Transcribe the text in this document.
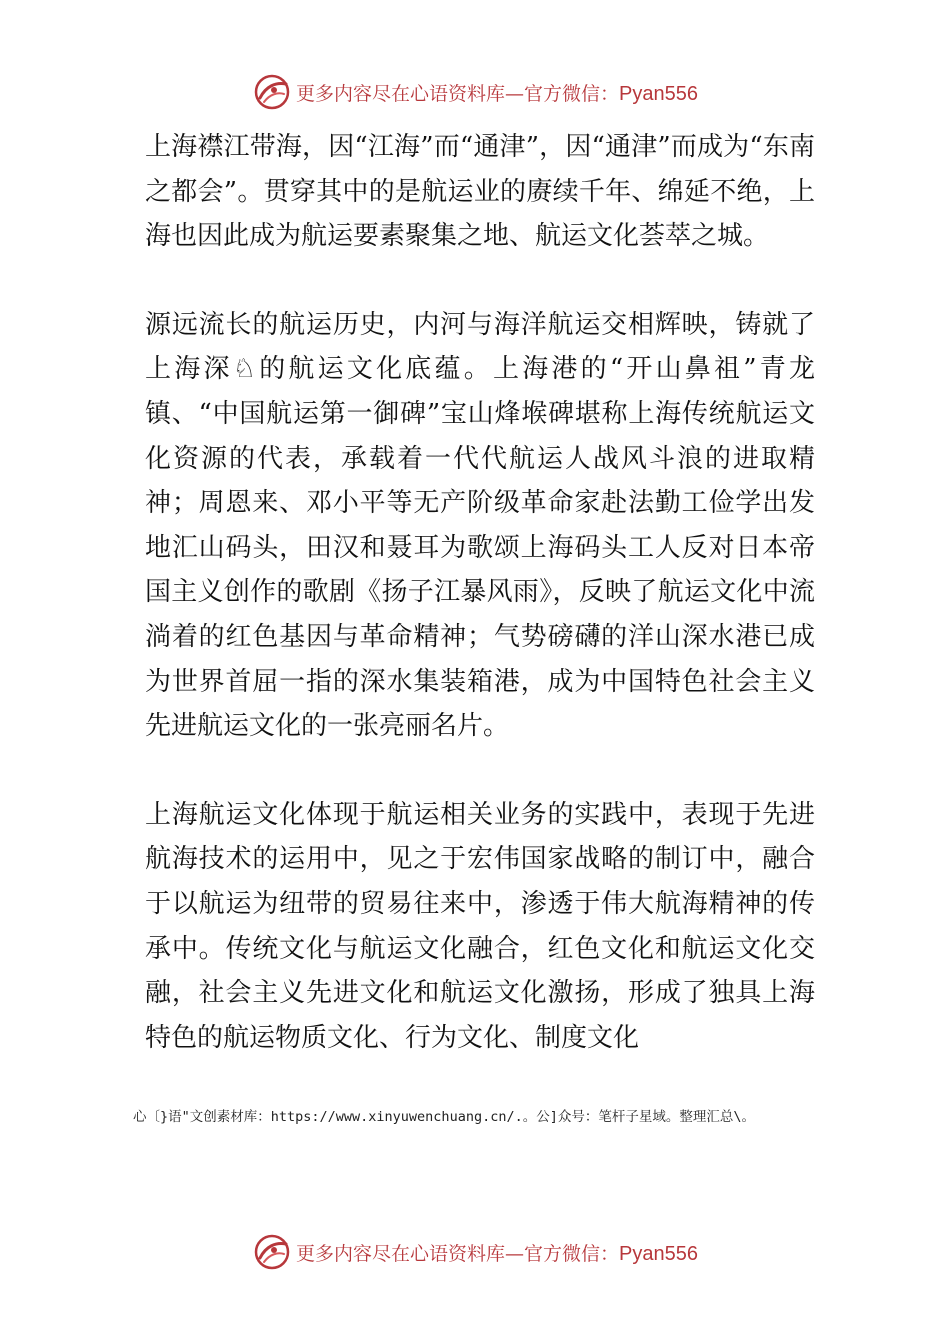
更多内容尽在心语资料库—官方微信：Pyan556

上海襟江带海，因“江海”而“通津”，因“通津”而成为“东南之都会”。贯穿其中的是航运业的赓续千年、绵延不绝，上海也因此成为航运要素聚集之地、航运文化荟萃之城。

源远流长的航运历史，内河与海洋航运交相辉映，铸就了上海深♘的航运文化底蕴。上海港的“开山鼻祖”青龙镇、“中国航运第一御碑”宝山烽堠碑堪称上海传统航运文化资源的代表，承载着一代代航运人战风斗浪的进取精神；周恩来、邓小平等无产阶级革命家赴法勤工俭学出发地汇山码头，田汉和聂耳为歌颂上海码头工人反对日本帝国主义创作的歌剧《扬子江暴风雨》，反映了航运文化中流淌着的红色基因与革命精神；气势磅礴的洋山深水港已成为世界首屈一指的深水集装箱港，成为中国特色社会主义先进航运文化的一张亮丽名片。

上海航运文化体现于航运相关业务的实践中，表现于先进航海技术的运用中，见之于宏伟国家战略的制订中，融合于以航运为纽带的贸易往来中，渗透于伟大航海精神的传承中。传统文化与航运文化融合，红色文化和航运文化交融，社会主义先进文化和航运文化激扬，形成了独具上海特色的航运物质文化、行为文化、制度文化

心〔}语"文创素材库：https://www.xinyuwenchuang.cn/.。公]众号：笔杆子星域。整理汇总\。
更多内容尽在心语资料库—官方微信：Pyan556
